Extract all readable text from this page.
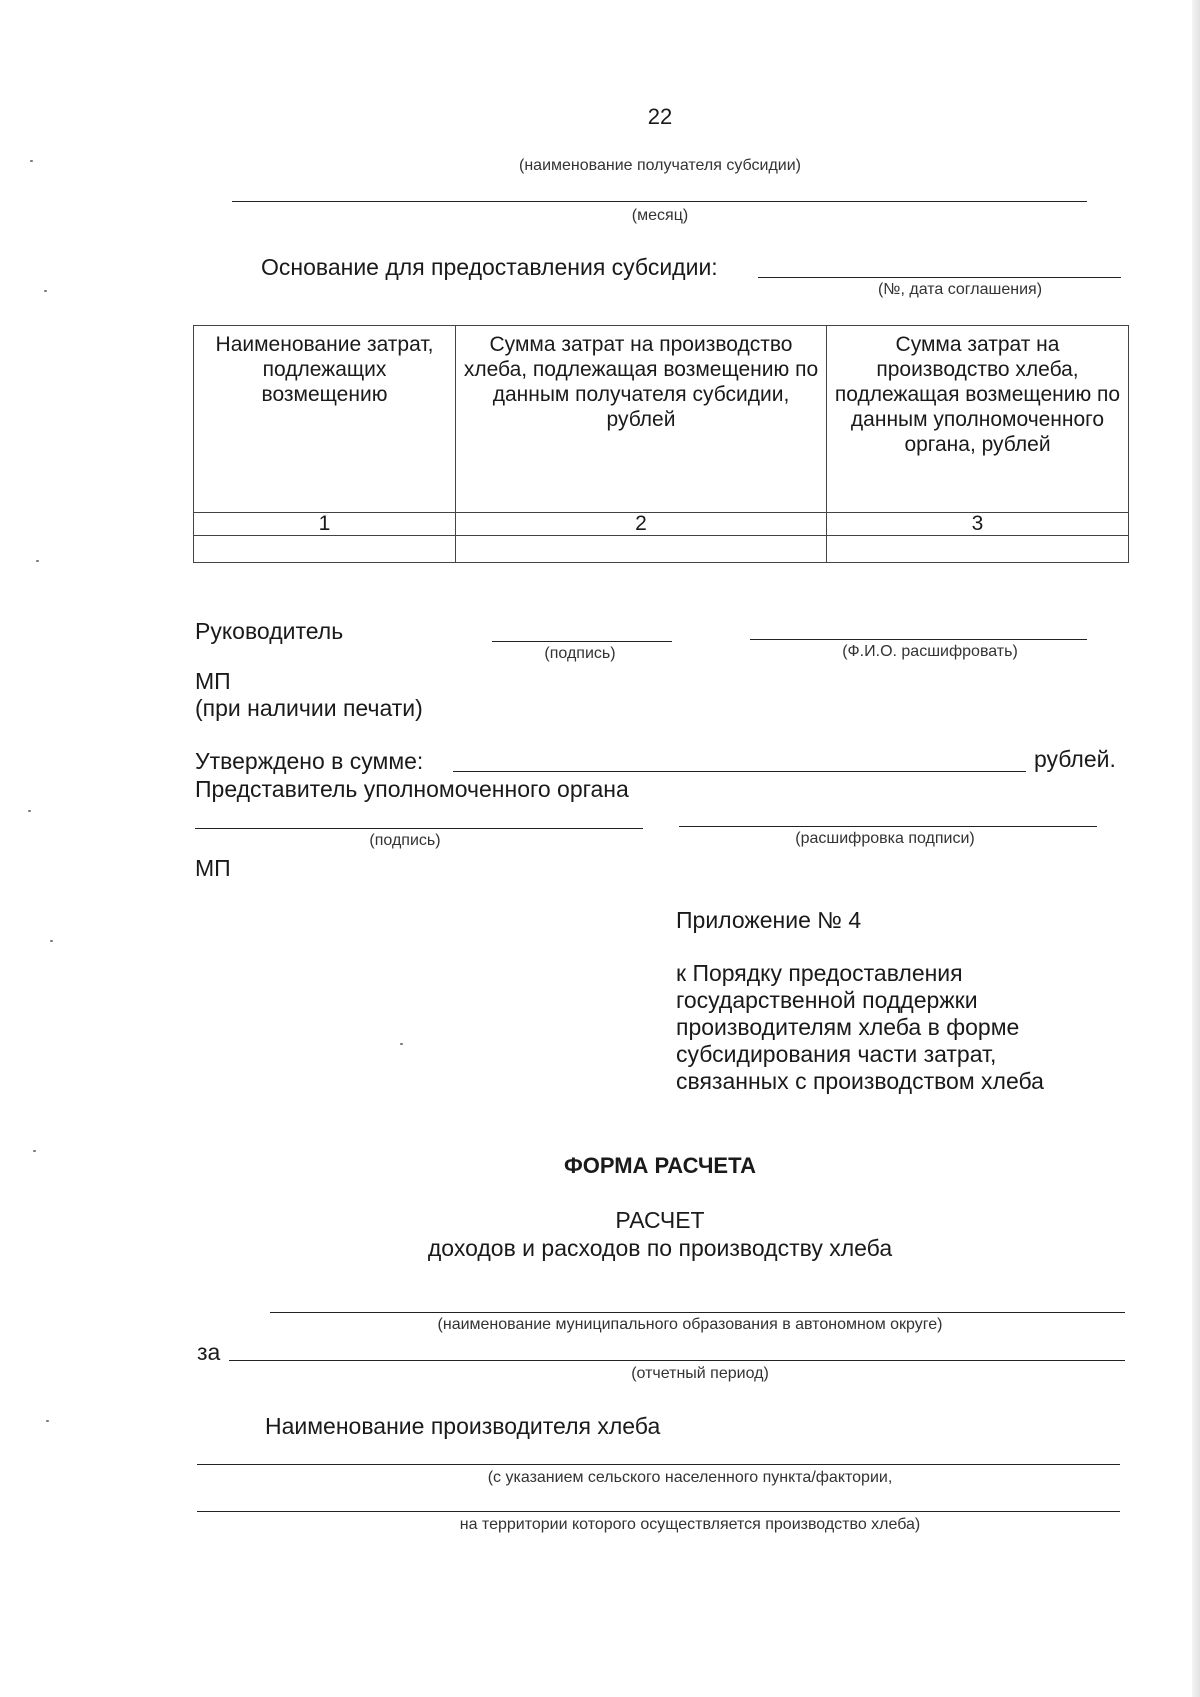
22
(наименование получателя субсидии)
(месяц)
Основание для предоставления субсидии:
(№, дата соглашения)
Наименование затрат, подлежащих возмещению	Сумма затрат на производство хлеба, подлежащая возмещению по данным получателя субсидии, рублей	Сумма затрат на производство хлеба, подлежащая возмещению по данным уполномоченного органа, рублей
1	2	3

Руководитель
(подпись)	(Ф.И.О. расшифровать)
МП
(при наличии печати)
Утверждено в сумме:	рублей.
Представитель уполномоченного органа
(подпись)	(расшифровка подписи)
МП
Приложение № 4
к Порядку предоставления
государственной поддержки
производителям хлеба в форме
субсидирования части затрат,
связанных с производством хлеба
ФОРМА РАСЧЕТА
РАСЧЕТ
доходов и расходов по производству хлеба
(наименование муниципального образования в автономном округе)
за
(отчетный период)
Наименование производителя хлеба
(с указанием сельского населенного пункта/фактории,
на территории которого осуществляется производство хлеба)
